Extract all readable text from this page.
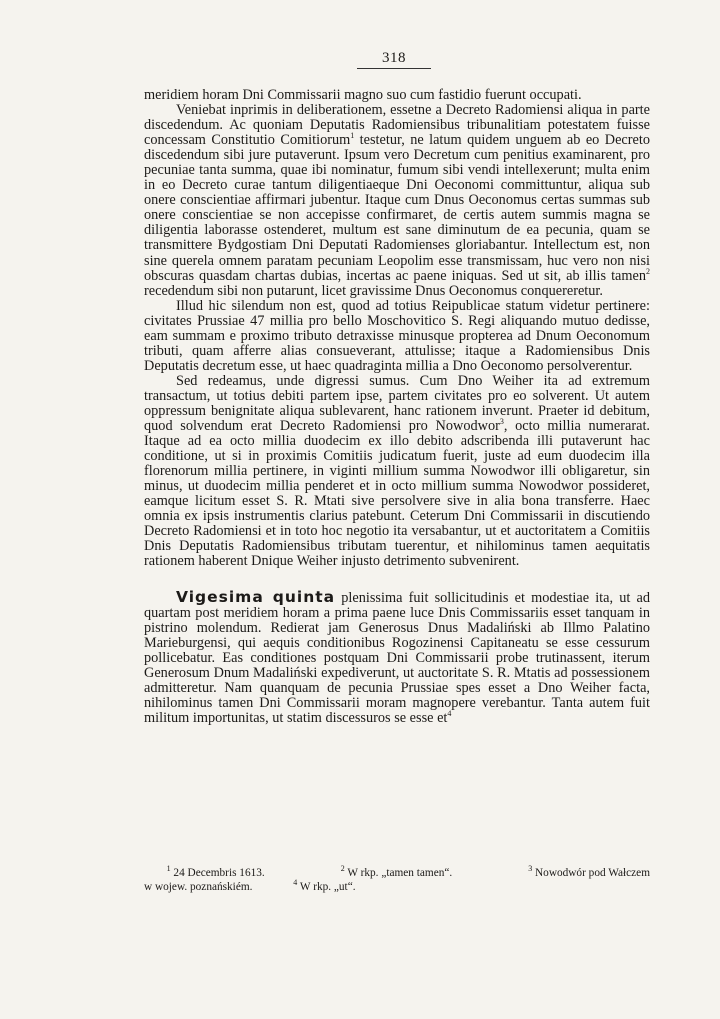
318

meridiem horam Dni Commissarii magno suo cum fastidio fuerunt occupati.

Veniebat inprimis in deliberationem, essetne a Decreto Radomiensi aliqua in parte discedendum. Ac quoniam Deputatis Radomiensibus tribunalitiam potestatem fuisse concessam Constitutio Comitiorum$^1$ testetur, ne latum quidem unguem ab eo Decreto discedendum sibi jure putaverunt. Ipsum vero Decretum cum penitius examinarent, pro pecuniae tanta summa, quae ibi nominatur, fumum sibi vendi intellexerunt; multa enim in eo Decreto curae tantum diligentiaeque Dni Oeconomi committuntur, aliqua sub onere conscientiae affirmari jubentur. Itaque cum Dnus Oeconomus certas summas sub onere conscientiae se non accepisse confirmaret, de certis autem summis magna se diligentia laborasse ostenderet, multum est sane diminutum de ea pecunia, quam se transmittere Bydgostiam Dni Deputati Radomienses gloriabantur. Intellectum est, non sine querela omnem paratam pecuniam Leopolim esse transmissam, huc vero non nisi obscuras quasdam chartas dubias, incertas ac paene iniquas. Sed ut sit, ab illis tamen$^2$ recedendum sibi non putarunt, licet gravissime Dnus Oeconomus conquereretur.

Illud hic silendum non est, quod ad totius Reipublicae statum videtur pertinere: civitates Prussiae 47 millia pro bello Moschovitico S. Regi aliquando mutuo dedisse, eam summam e proximo tributo detraxisse minusque propterea ad Dnum Oeconomum tributi, quam afferre alias consueverant, attulisse; itaque a Radomiensibus Dnis Deputatis decretum esse, ut haec quadraginta millia a Dno Oeconomo persolverentur.

Sed redeamus, unde digressi sumus. Cum Dno Weiher ita ad extremum transactum, ut totius debiti partem ipse, partem civitates pro eo solverent. Ut autem oppressum benignitate aliqua sublevarent, hanc rationem inverunt. Praeter id debitum, quod solvendum erat Decreto Radomiensi pro Nowodwor$^3$, octo millia numerarat. Itaque ad ea octo millia duodecim ex illo debito adscribenda illi putaverunt hac conditione, ut si in proximis Comitiis judicatum fuerit, juste ad eum duodecim illa florenorum millia pertinere, in viginti millium summa Nowodwor illi obligaretur, sin minus, ut duodecim millia penderet et in octo millium summa Nowodwor possideret, eamque licitum esset S. R. Mtati sive persolvere sive in alia bona transferre. Haec omnia ex ipsis instrumentis clarius patebunt. Ceterum Dni Commissarii in discutiendo Decreto Radomiensi et in toto hoc negotio ita versabantur, ut et auctoritatem a Comitiis Dnis Deputatis Radomiensibus tributam tuerentur, et nihilominus tamen aequitatis rationem haberent Dnique Weiher injusto detrimento subvenirent.

Vigesima quinta plenissima fuit sollicitudinis et modestiae ita, ut ad quartam post meridiem horam a prima paene luce Dnis Commissariis esset tanquam in pistrino molendum. Redierat jam Generosus Dnus Madaliński ab Illmo Palatino Marieburgensi, qui aequis conditionibus Rogozinensi Capitaneatu se esse cessurum pollicebatur. Eas conditiones postquam Dni Commissarii probe trutinassent, iterum Generosum Dnum Madaliński expediverunt, ut auctoritate S. R. Mtatis ad possessionem admitteretur. Nam quanquam de pecunia Prussiae spes esset a Dno Weiher facta, nihilominus tamen Dni Commissarii moram magnopere verebantur. Tanta autem fuit militum importunitas, ut statim discessuros se esse $et^4$

$^1$ 24 Decembris 1613.	$^2$ W rkp. „tamen tamen“.	$^3$ Nowodwór pod Wałczem
w wojew. poznańskiém.	$^4$ W rkp. „ut“.
